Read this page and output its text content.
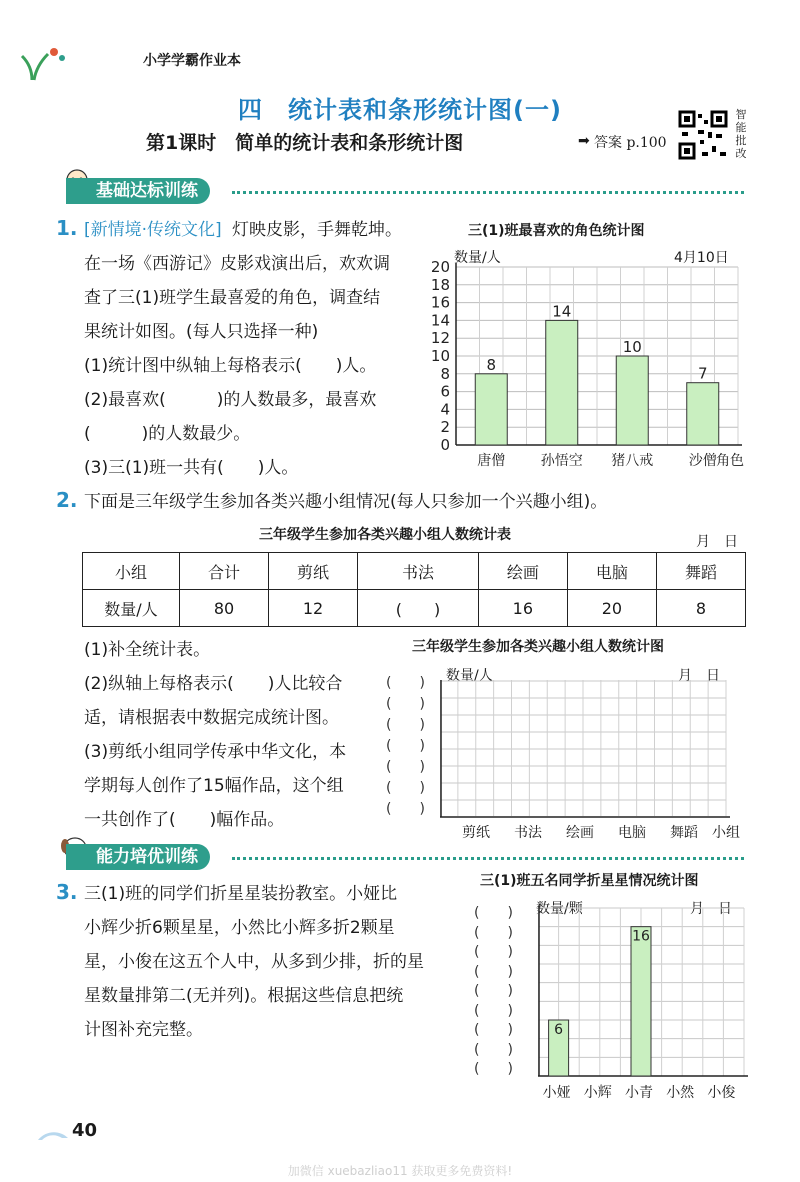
小学学霸作业本
四　统计表和条形统计图(一)
第1课时　简单的统计表和条形统计图	➡ 答案 p.100
智
能
批
改
基础达标训练
1. [新情境·传统文化] 灯映皮影，手舞乾坤。
在一场《西游记》皮影戏演出后，欢欢调
查了三(1)班学生最喜爱的角色，调查结
果统计如图。(每人只选择一种)
(1)统计图中纵轴上每格表示(　　)人。
(2)最喜欢(　　　)的人数最多，最喜欢
(　　　)的人数最少。
(3)三(1)班一共有(　　)人。
三(1)班最喜欢的角色统计图
数量/人	4月10日
0
2
4
6
8
10
12
14
16
18
20
8
唐僧
14
孙悟空
10
猪八戒
7
沙僧 角色
2. 下面是三年级学生参加各类兴趣小组情况(每人只参加一个兴趣小组)。
三年级学生参加各类兴趣小组人数统计表	月　日
小组	合计	剪纸	书法	绘画	电脑	舞蹈
数量/人	80	12	(　　)	16	20	8
(1)补全统计表。
(2)纵轴上每格表示(　　)人比较合
适，请根据表中数据完成统计图。
(3)剪纸小组同学传承中华文化，本
学期每人创作了15幅作品，这个组
一共创作了(　　)幅作品。
三年级学生参加各类兴趣小组人数统计图
数量/人	月　日
(　　)
(　　)
(　　)
(　　)
(　　)
(　　)
(　　)
剪纸 书法 绘画 电脑 舞蹈 小组
能力培优训练
3. 三(1)班的同学们折星星装扮教室。小娅比
小辉少折6颗星星，小然比小辉多折2颗星
星，小俊在这五个人中，从多到少排，折的星
星数量排第二(无并列)。根据这些信息把统
计图补充完整。
三(1)班五名同学折星星情况统计图
数量/颗	月　日
(　　)
(　　)
(　　)
(　　)
(　　)
(　　)
(　　)
(　　)
(　　)
6
16
小娅 小辉 小青 小然 小俊
40
加微信 xuebazliao11 获取更多免费资料!
